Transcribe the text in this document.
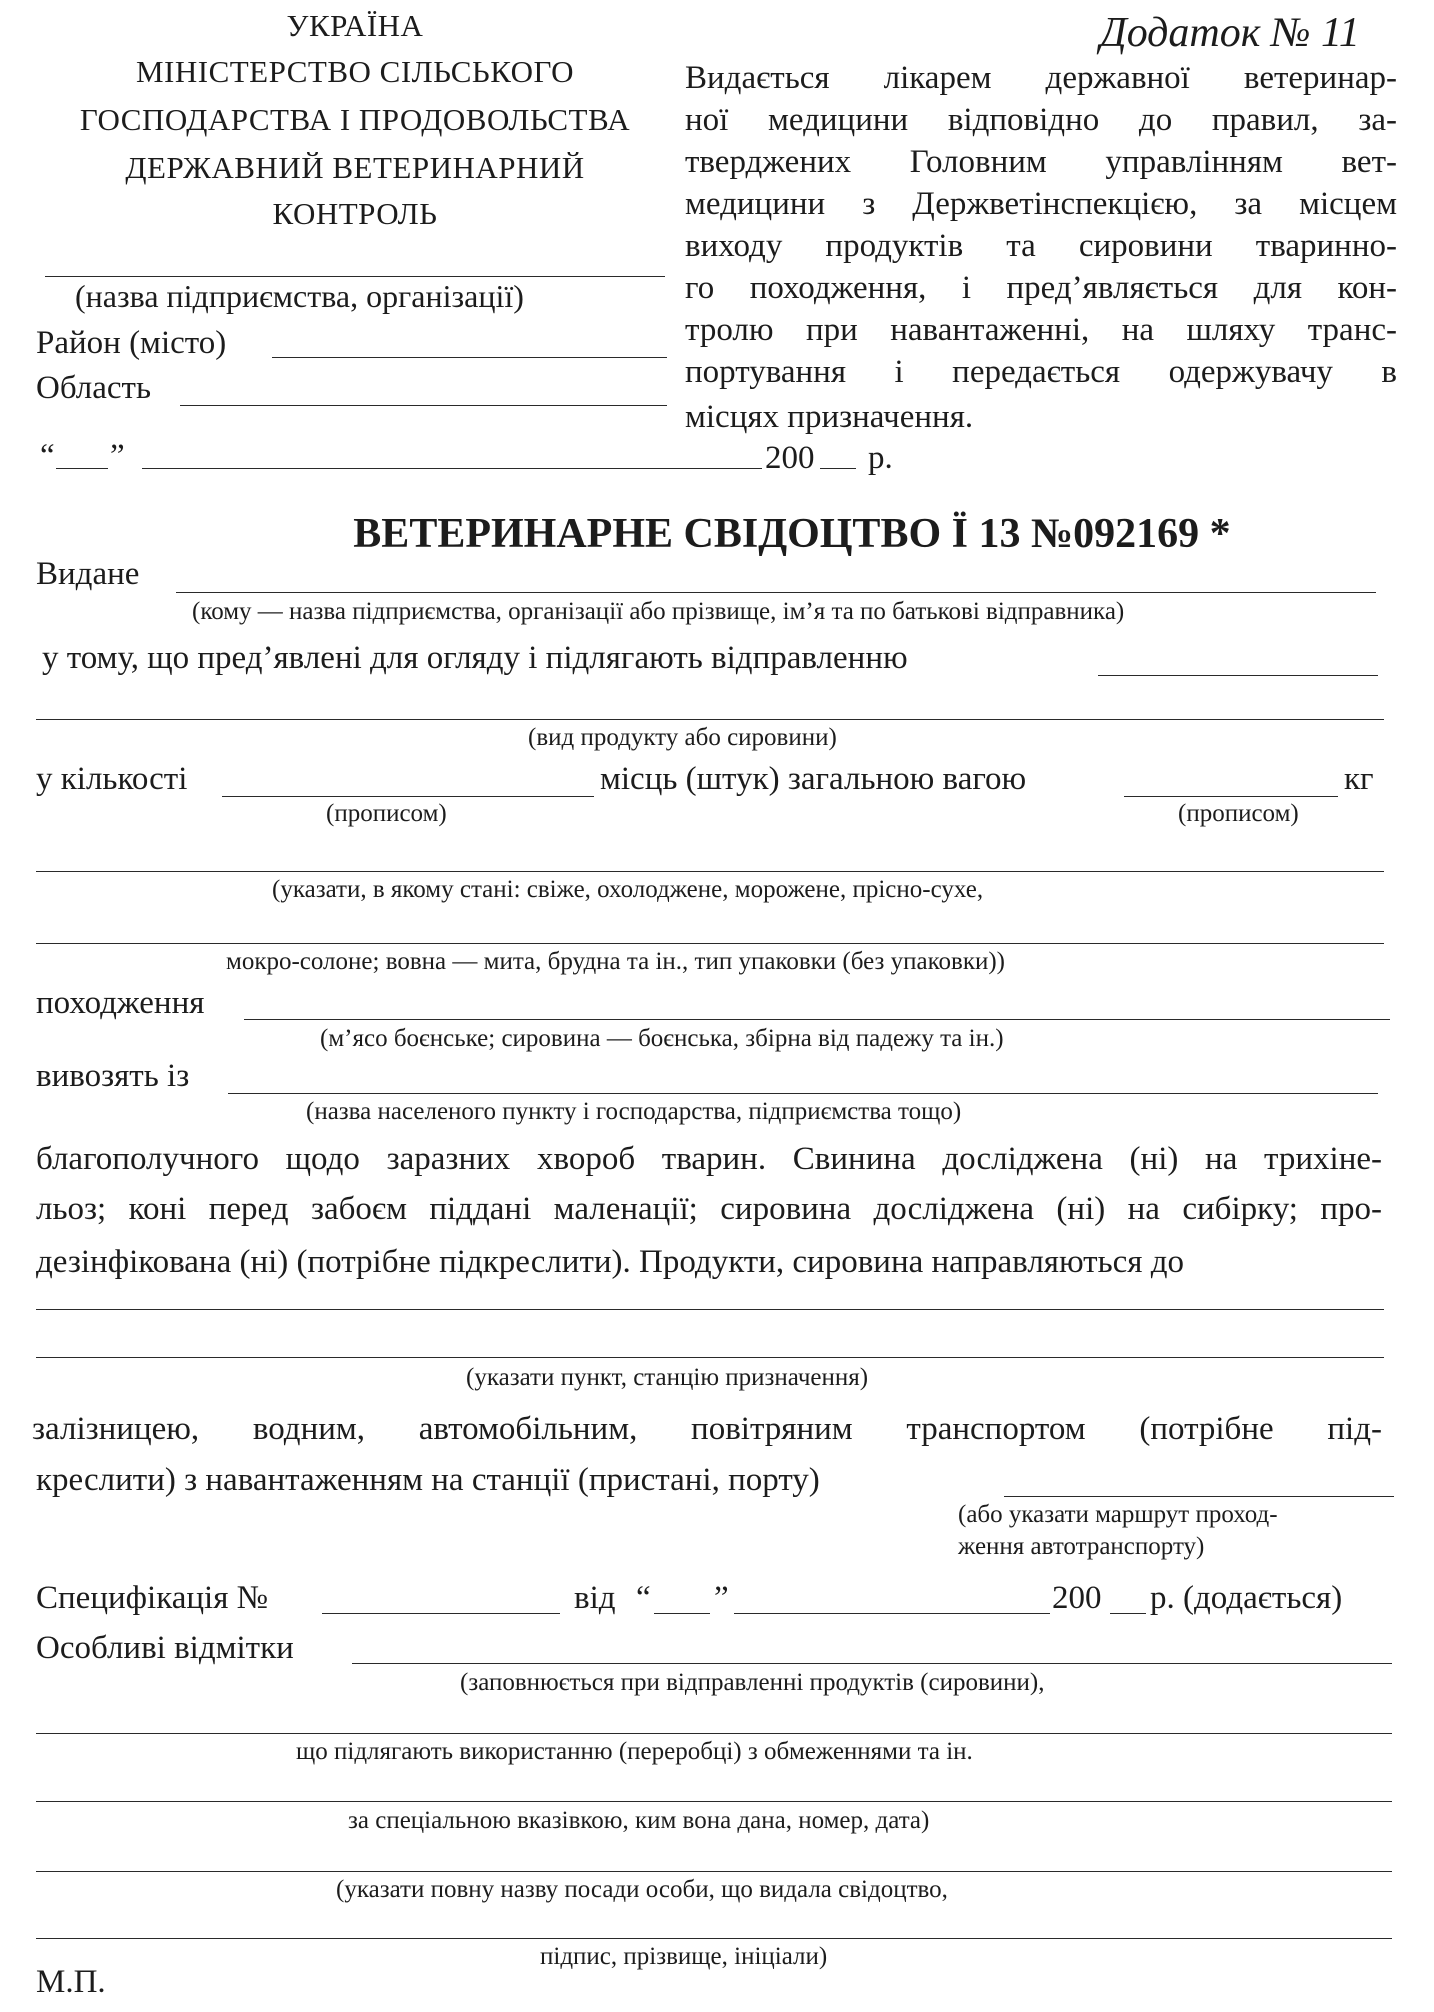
Додаток № 11
УКРАЇНА
МІНІСТЕРСТВО СІЛЬСЬКОГО
ГОСПОДАРСТВА І ПРОДОВОЛЬСТВА
ДЕРЖАВНИЙ ВЕТЕРИНАРНИЙ
КОНТРОЛЬ
(назва підприємства, організації)
Район (місто)
Область
“ ”	200 р.
Видається лікарем державної ветеринар-
ної медицини відповідно до правил, за-
тверджених Головним управлінням вет-
медицини з Держветінспекцією, за місцем
виходу продуктів та сировини тваринно-
го походження, і пред’являється для кон-
тролю при навантаженні, на шляху транс-
портування і передається одержувачу в
місцях призначення.
ВЕТЕРИНАРНЕ СВІДОЦТВО Ї 13 №092169 *
Видане
(кому — назва підприємства, організації або прізвище, ім’я та по батькові відправника)
у тому, що пред’явлені для огляду і підлягають відправленню
(вид продукту або сировини)
у кількості	місць (штук) загальною вагою	кг
(прописом)	(прописом)
(указати, в якому стані: свіже, охолоджене, морожене, прісно-сухе,
мокро-солоне; вовна — мита, брудна та ін., тип упаковки (без упаковки))
походження
(м’ясо боєнське; сировина — боєнська, збірна від падежу та ін.)
вивозять із
(назва населеного пункту і господарства, підприємства тощо)
благополучного щодо заразних хвороб тварин. Свинина досліджена (ні) на трихіне-
льоз; коні перед забоєм піддані маленації; сировина досліджена (ні) на сибірку; про-
дезінфікована (ні) (потрібне підкреслити). Продукти, сировина направляються до
(указати пункт, станцію призначення)
залізницею, водним, автомобільним, повітряним транспортом (потрібне під-
креслити) з навантаженням на станції (пристані, порту)
(або указати маршрут проход-
ження автотранспорту)
Специфікація №	від “ ”	200 р. (додається)
Особливі відмітки
(заповнюється при відправленні продуктів (сировини),
що підлягають використанню (переробці) з обмеженнями та ін.
за спеціальною вказівкою, ким вона дана, номер, дата)
(указати повну назву посади особи, що видала свідоцтво,
підпис, прізвище, ініціали)
М.П.
